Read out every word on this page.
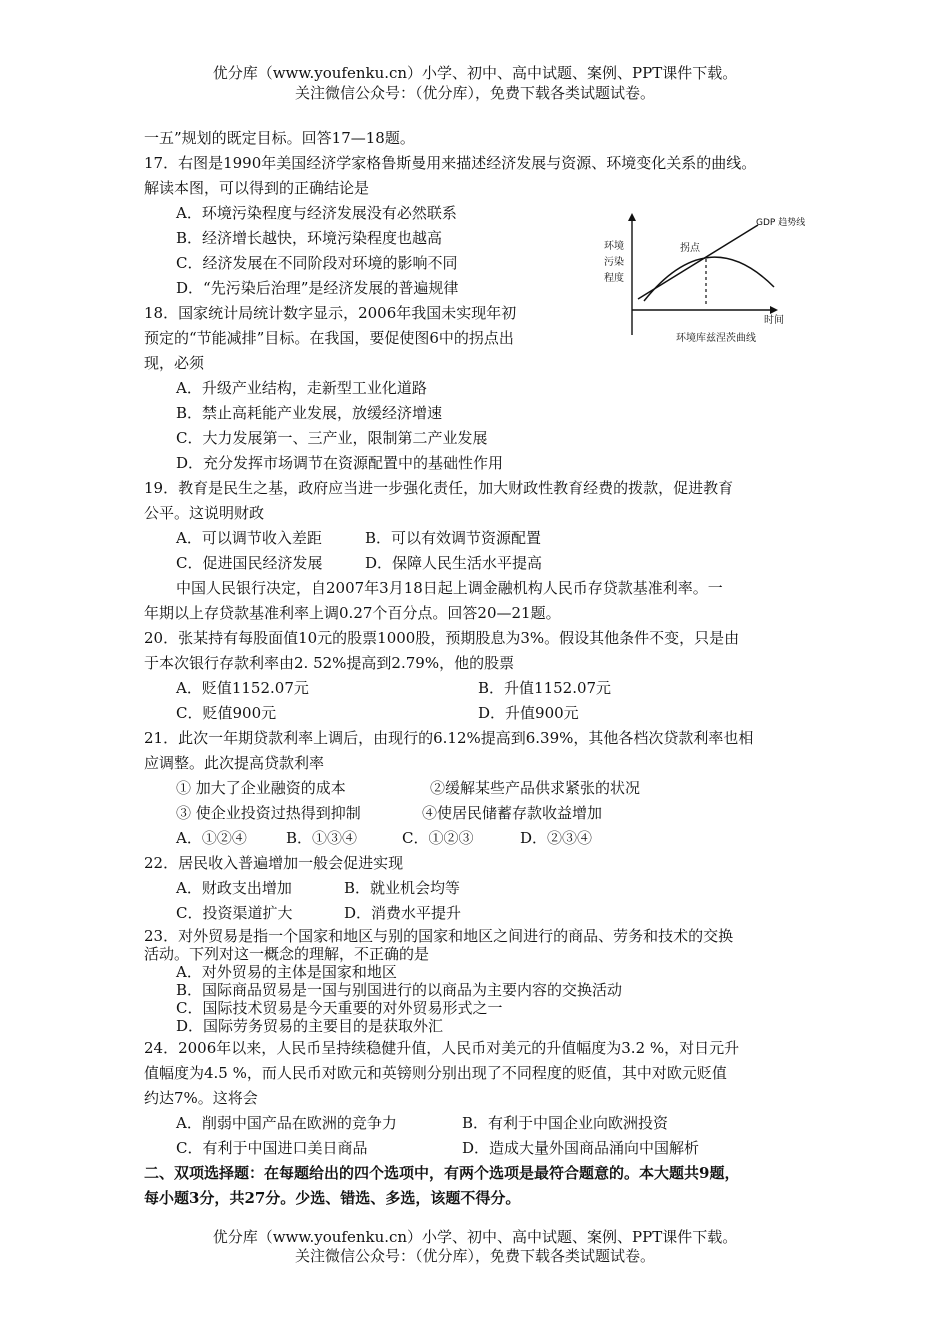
优分库（www.youfenku.cn）小学、初中、高中试题、案例、PPT课件下载。
关注微信公众号：（优分库），免费下载各类试题试卷。
一五”规划的既定目标。回答17—18题。
17．右图是1990年美国经济学家格鲁斯曼用来描述经济发展与资源、环境变化关系的曲线。
解读本图，可以得到的正确结论是
A．环境污染程度与经济发展没有必然联系
B．经济增长越快，环境污染程度也越高
C．经济发展在不同阶段对环境的影响不同
D．“先污染后治理”是经济发展的普遍规律
环境
污染
程度
GDP 趋势线
拐点
时间
环境库兹涅茨曲线
18．国家统计局统计数字显示，2006年我国未实现年初
预定的“节能减排”目标。在我国，要促使图6中的拐点出
现，必须
A．升级产业结构，走新型工业化道路
B．禁止高耗能产业发展，放缓经济增速
C．大力发展第一、三产业，限制第二产业发展
D．充分发挥市场调节在资源配置中的基础性作用
19．教育是民生之基，政府应当进一步强化责任，加大财政性教育经费的拨款，促进教育
公平。这说明财政
A．可以调节收入差距	B．可以有效调节资源配置
C．促进国民经济发展	D．保障人民生活水平提高
中国人民银行决定，自2007年3月18日起上调金融机构人民币存贷款基准利率。一
年期以上存贷款基准利率上调0.27个百分点。回答20—21题。
20．张某持有每股面值10元的股票1000股，预期股息为3%。假设其他条件不变，只是由
于本次银行存款利率由2. 52%提高到2.79%，他的股票
A．贬值1152.07元	B．升值1152.07元
C．贬值900元	D．升值900元
21．此次一年期贷款利率上调后，由现行的6.12%提高到6.39%，其他各档次贷款利率也相
应调整。此次提高贷款利率
① 加大了企业融资的成本	②缓解某些产品供求紧张的状况
③ 使企业投资过热得到抑制	④使居民储蓄存款收益增加
A．①②④	B．①③④	C．①②③	D．②③④
22．居民收入普遍增加一般会促进实现
A．财政支出增加	B．就业机会均等
C．投资渠道扩大	D．消费水平提升
23．对外贸易是指一个国家和地区与别的国家和地区之间进行的商品、劳务和技术的交换
活动。下列对这一概念的理解，不正确的是
A．对外贸易的主体是国家和地区
B．国际商品贸易是一国与别国进行的以商品为主要内容的交换活动
C．国际技术贸易是今天重要的对外贸易形式之一
D．国际劳务贸易的主要目的是获取外汇
24．2006年以来，人民币呈持续稳健升值，人民币对美元的升值幅度为3.2 %，对日元升
值幅度为4.5 %，而人民币对欧元和英镑则分别出现了不同程度的贬值，其中对欧元贬值
约达7%。这将会
A．削弱中国产品在欧洲的竞争力	B．有利于中国企业向欧洲投资
C．有利于中国进口美日商品	D．造成大量外国商品涌向中国解析
二、双项选择题：在每题给出的四个选项中，有两个选项是最符合题意的。本大题共9题，
每小题3分，共27分。少选、错选、多选，该题不得分。
优分库（www.youfenku.cn）小学、初中、高中试题、案例、PPT课件下载。
关注微信公众号：（优分库），免费下载各类试题试卷。
